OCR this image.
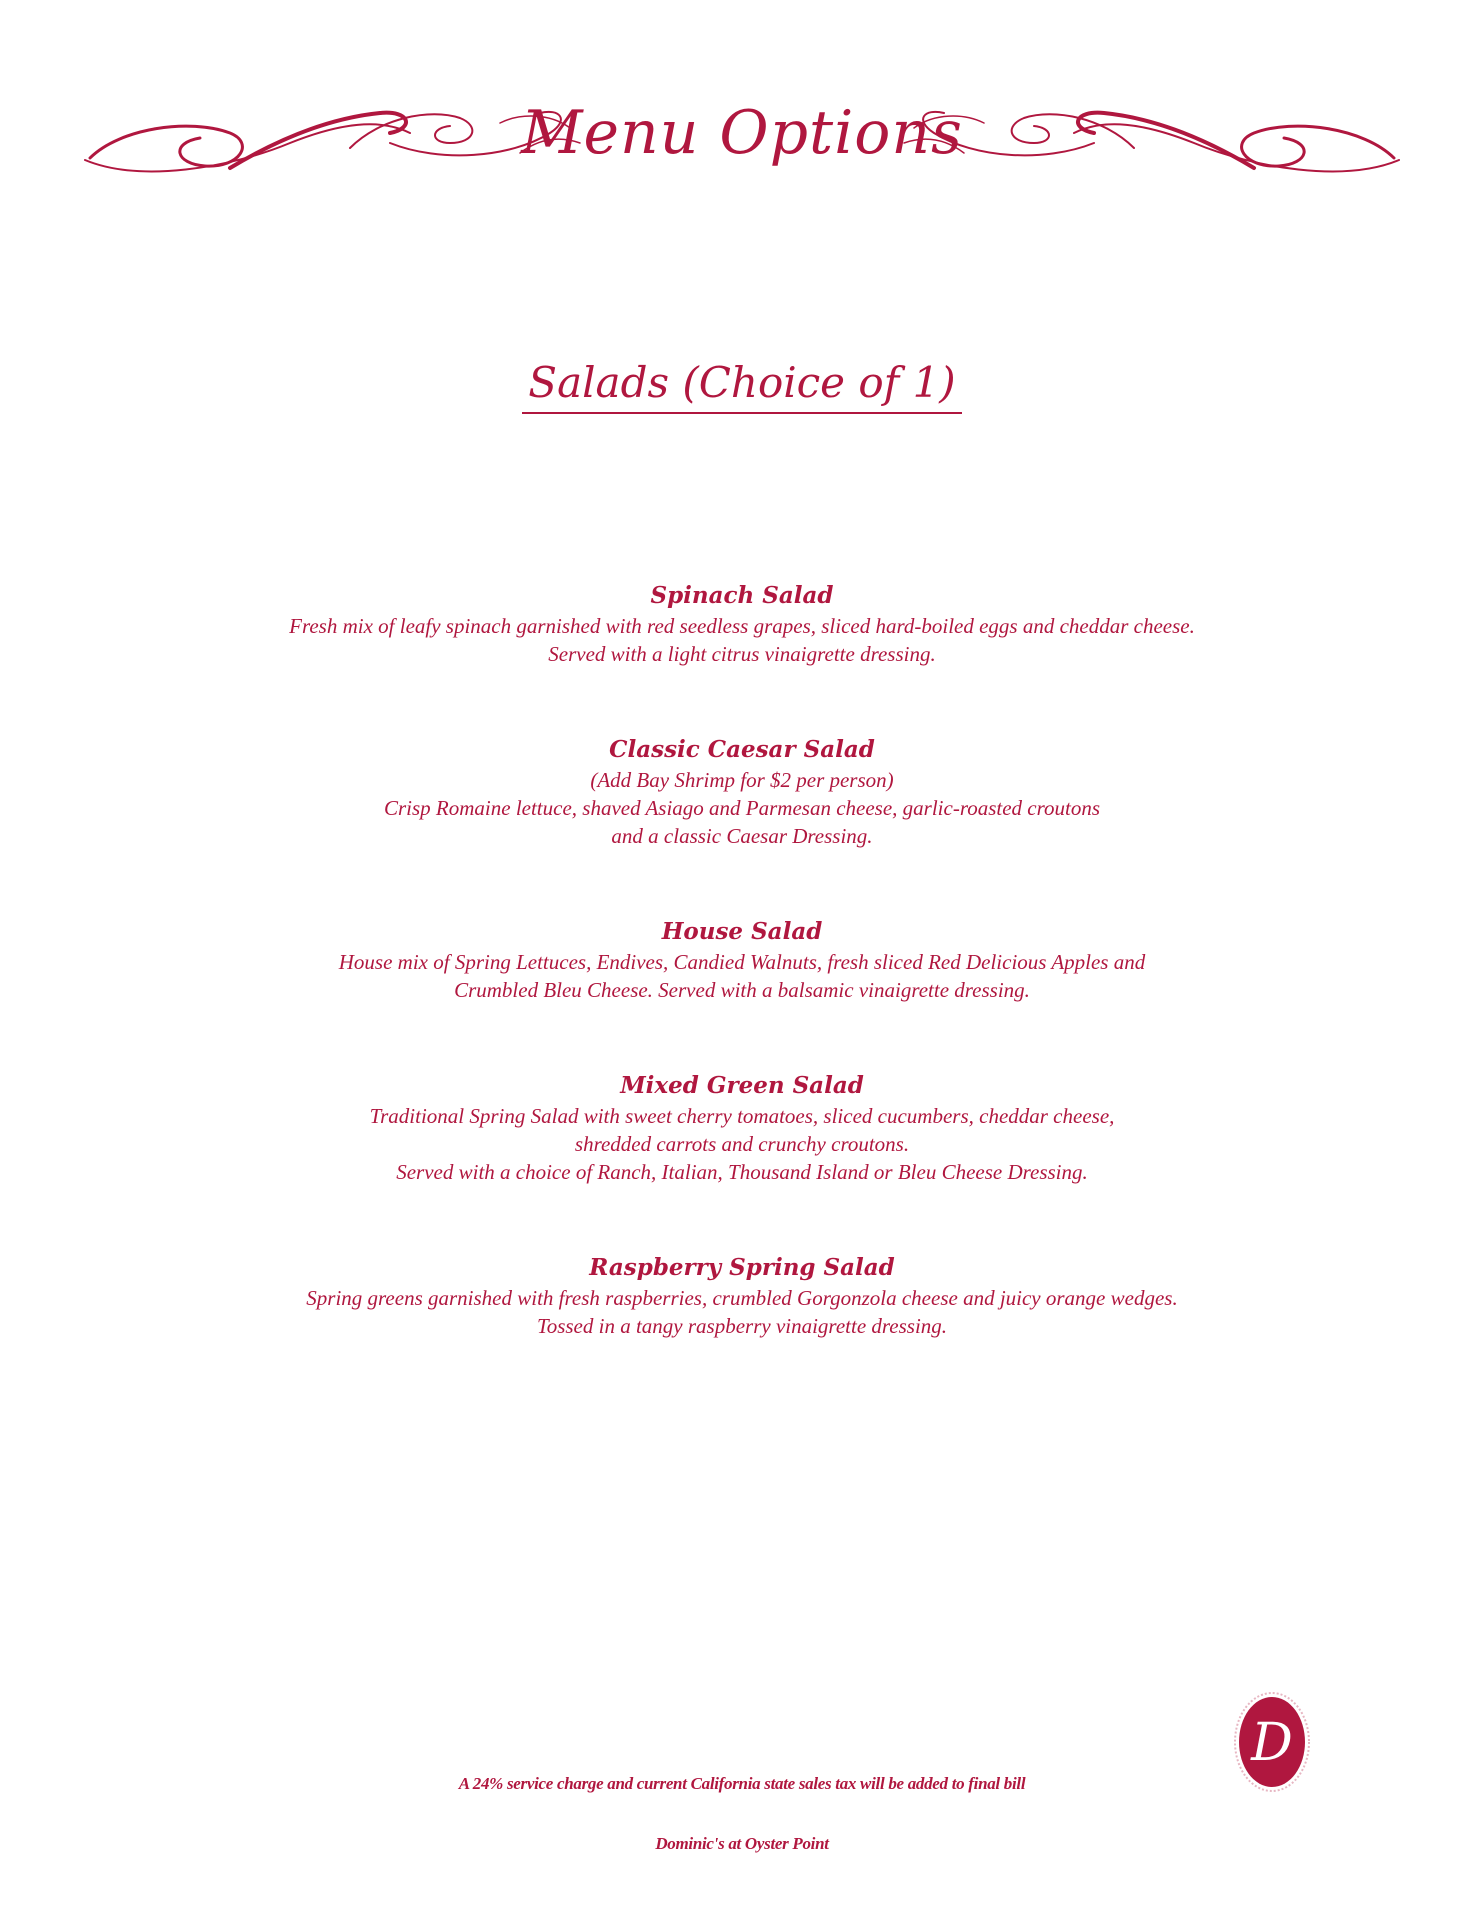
Menu Options
Salads (Choice of 1)
Spinach Salad
Fresh mix of leafy spinach garnished with red seedless grapes, sliced hard-boiled eggs and cheddar cheese.
Served with a light citrus vinaigrette dressing.
Classic Caesar Salad
(Add Bay Shrimp for $2 per person)
Crisp Romaine lettuce, shaved Asiago and Parmesan cheese, garlic-roasted croutons
and a classic Caesar Dressing.
House Salad
House mix of Spring Lettuces, Endives, Candied Walnuts, fresh sliced Red Delicious Apples and
Crumbled Bleu Cheese. Served with a balsamic vinaigrette dressing.
Mixed Green Salad
Traditional Spring Salad with sweet cherry tomatoes, sliced cucumbers, cheddar cheese,
shredded carrots and crunchy croutons.
Served with a choice of Ranch, Italian, Thousand Island or Bleu Cheese Dressing.
Raspberry Spring Salad
Spring greens garnished with fresh raspberries, crumbled Gorgonzola cheese and juicy orange wedges.
Tossed in a tangy raspberry vinaigrette dressing.
D
A 24% service charge and current California state sales tax will be added to final bill
Dominic's at Oyster Point
